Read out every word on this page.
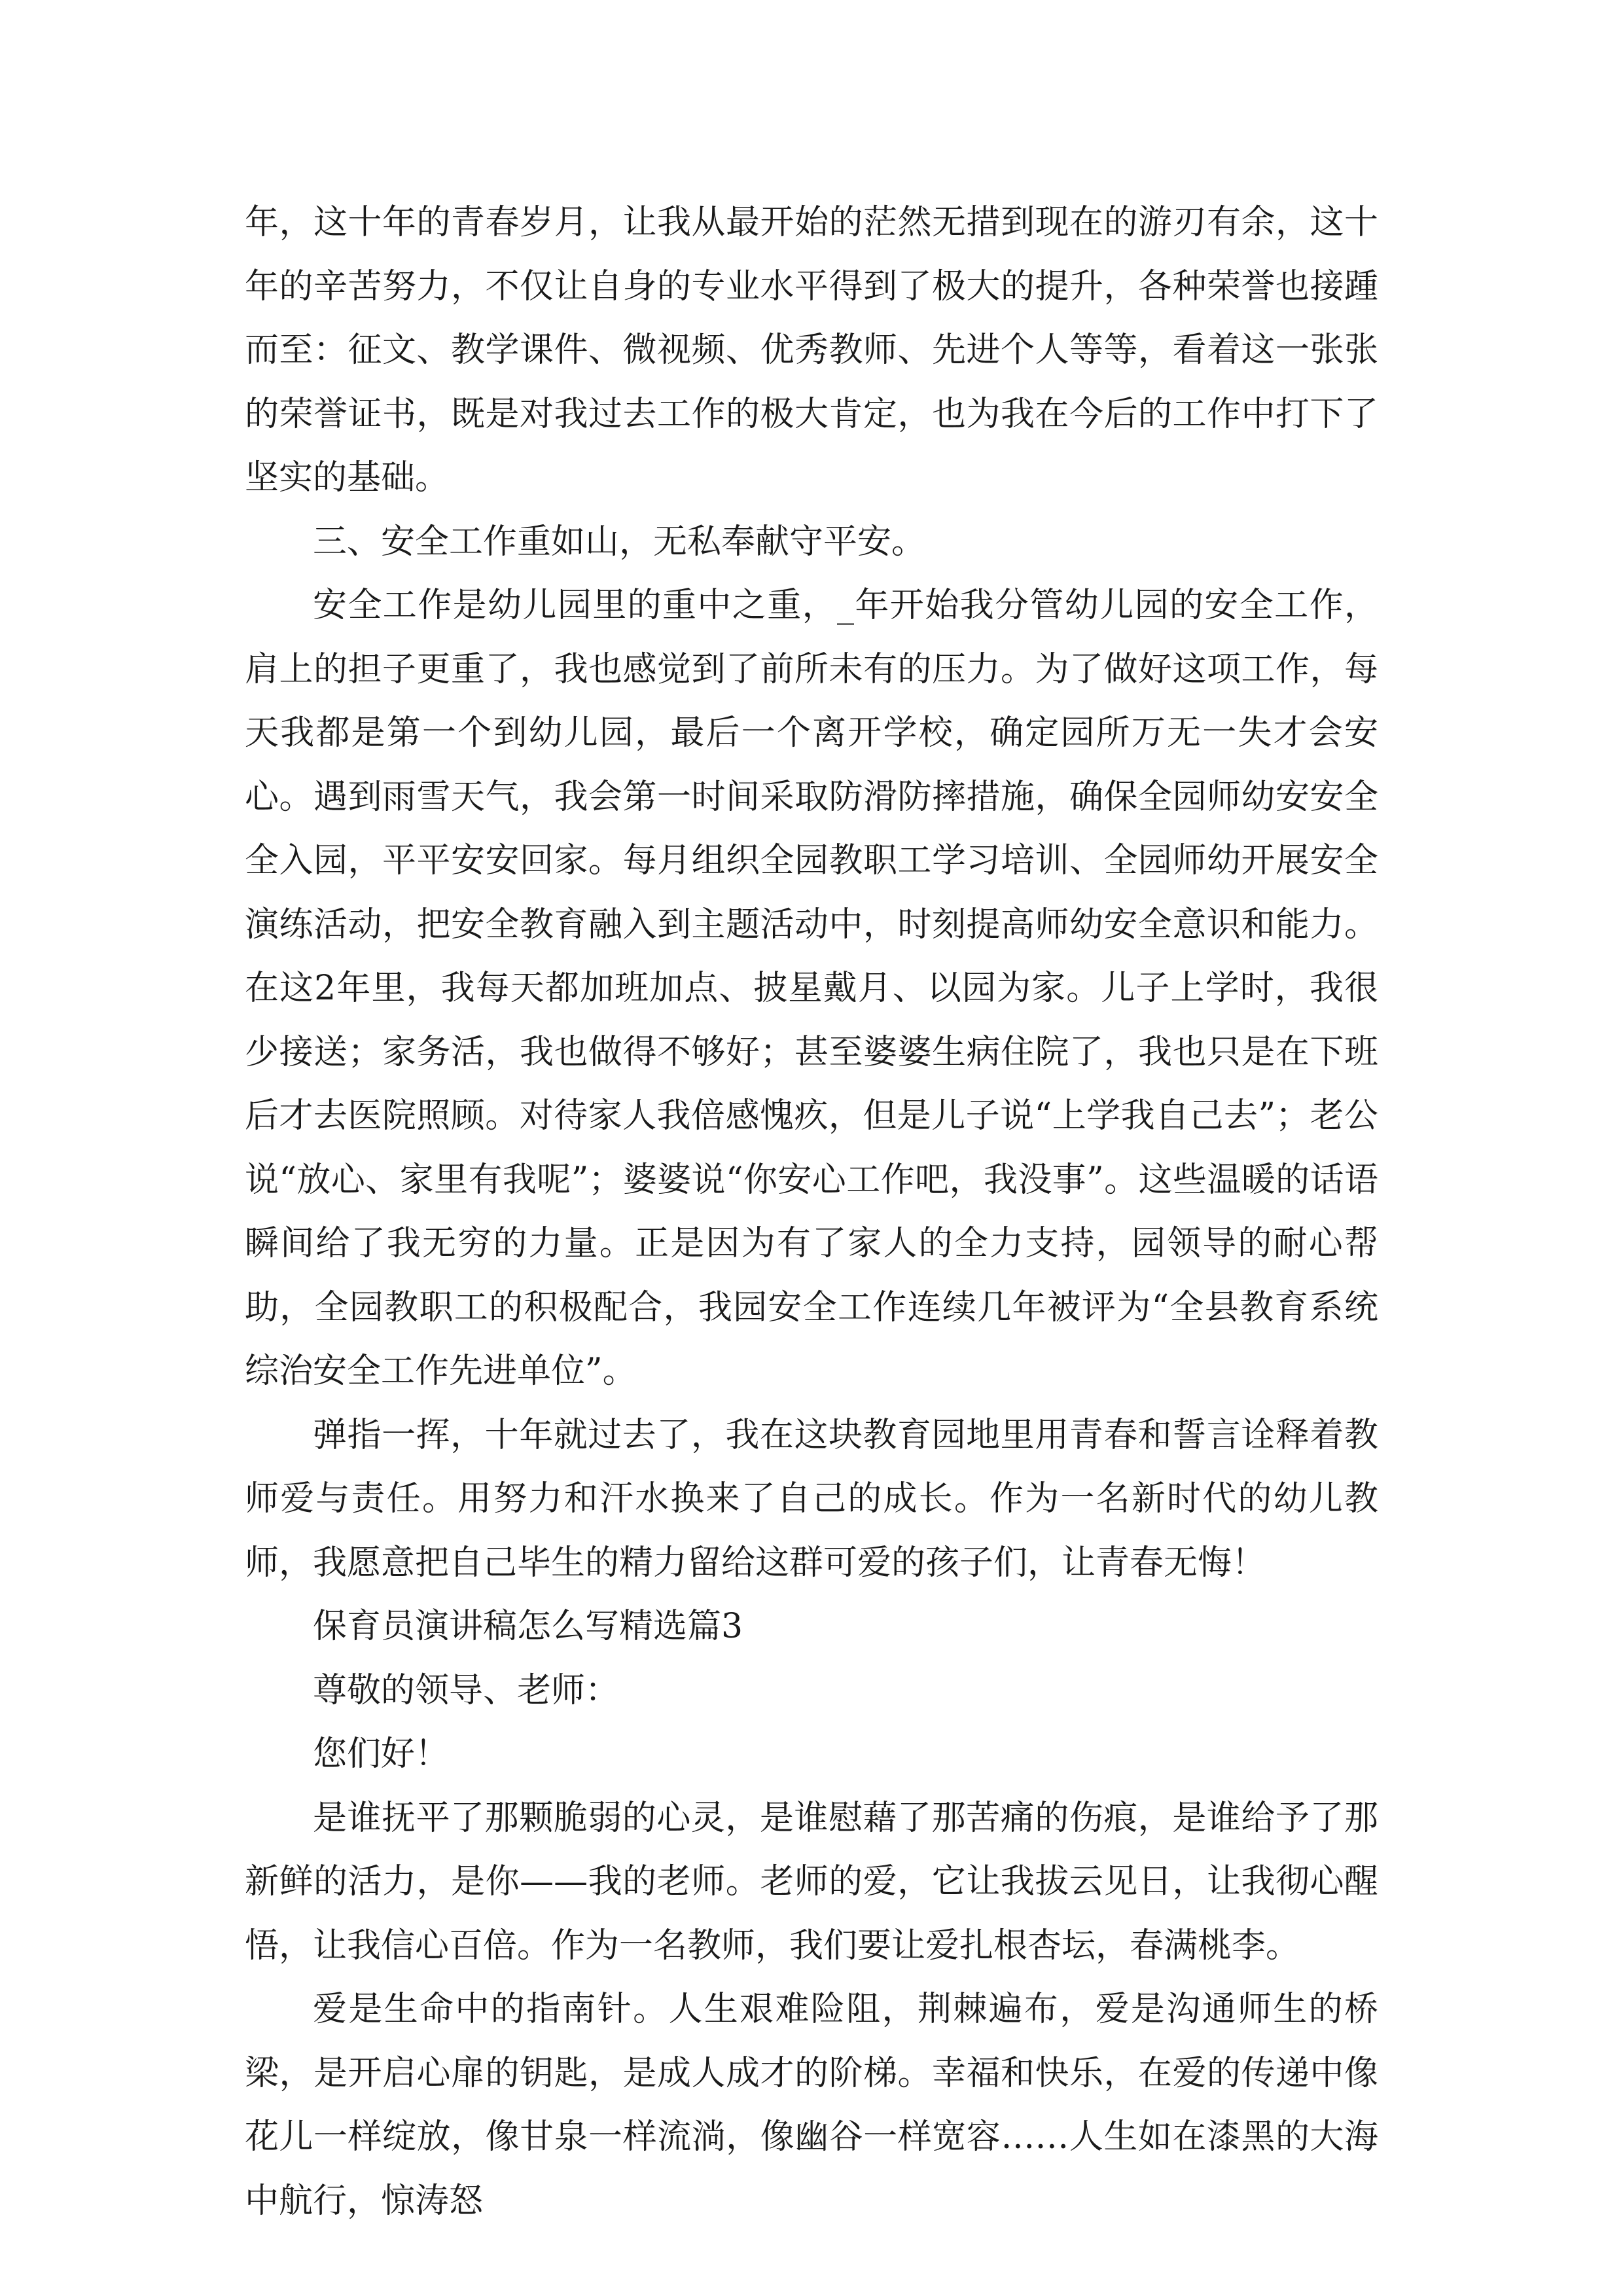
年，这十年的青春岁月，让我从最开始的茫然无措到现在的游刃有余，这十年的辛苦努力，不仅让自身的专业水平得到了极大的提升，各种荣誉也接踵而至：征文、教学课件、微视频、优秀教师、先进个人等等，看着这一张张的荣誉证书，既是对我过去工作的极大肯定，也为我在今后的工作中打下了坚实的基础。

三、安全工作重如山，无私奉献守平安。

安全工作是幼儿园里的重中之重，_年开始我分管幼儿园的安全工作，肩上的担子更重了，我也感觉到了前所未有的压力。为了做好这项工作，每天我都是第一个到幼儿园，最后一个离开学校，确定园所万无一失才会安心。遇到雨雪天气，我会第一时间采取防滑防摔措施，确保全园师幼安安全全入园，平平安安回家。每月组织全园教职工学习培训、全园师幼开展安全演练活动，把安全教育融入到主题活动中，时刻提高师幼安全意识和能力。在这2年里，我每天都加班加点、披星戴月、以园为家。儿子上学时，我很少接送；家务活，我也做得不够好；甚至婆婆生病住院了，我也只是在下班后才去医院照顾。对待家人我倍感愧疚，但是儿子说“上学我自己去”；老公说“放心、家里有我呢”；婆婆说“你安心工作吧，我没事”。这些温暖的话语瞬间给了我无穷的力量。正是因为有了家人的全力支持，园领导的耐心帮助，全园教职工的积极配合，我园安全工作连续几年被评为“全县教育系统综治安全工作先进单位”。

弹指一挥，十年就过去了，我在这块教育园地里用青春和誓言诠释着教师爱与责任。用努力和汗水换来了自己的成长。作为一名新时代的幼儿教师，我愿意把自己毕生的精力留给这群可爱的孩子们，让青春无悔！

保育员演讲稿怎么写精选篇3

尊敬的领导、老师：

您们好！

是谁抚平了那颗脆弱的心灵，是谁慰藉了那苦痛的伤痕，是谁给予了那新鲜的活力，是你——我的老师。老师的爱，它让我拔云见日，让我彻心醒悟，让我信心百倍。作为一名教师，我们要让爱扎根杏坛，春满桃李。

爱是生命中的指南针。人生艰难险阻，荆棘遍布，爱是沟通师生的桥梁，是开启心扉的钥匙，是成人成才的阶梯。幸福和快乐，在爱的传递中像花儿一样绽放，像甘泉一样流淌，像幽谷一样宽容……人生如在漆黑的大海中航行，惊涛怒
